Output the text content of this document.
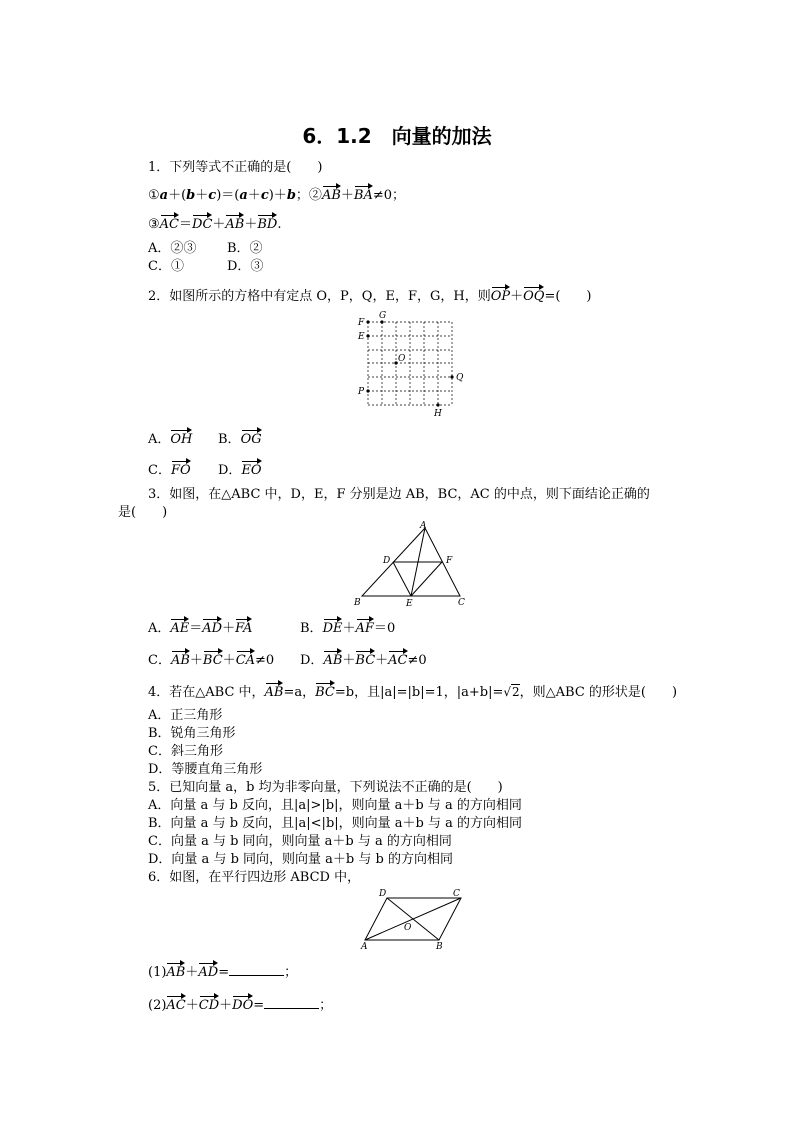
6．1.2　向量的加法
1．下列等式不正确的是(　　)
①a＋(b＋c)＝(a＋c)＋b；②AB＋BA≠0；
③AC＝DC＋AB＋BD.
A．②③ B．②
C．①	D．③
2．如图所示的方格中有定点 O，P，Q，E，F，G，H，则OP＋OQ=(　　)
F
G
E
O
Q
P
H
A．OH B．OG
C．FO D．EO
3．如图，在△ABC 中，D，E，F 分别是边 AB，BC，AC 的中点，则下面结论正确的
是(　　)
A
B	C
D
E
F
A．AE＝AD＋FA	B．DE＋AF＝0
C．AB＋BC＋CA≠0 D．AB＋BC＋AC≠0
4．若在△ABC 中，AB=a，BC=b，且|a|=|b|=1，|a+b|=√2，则△ABC 的形状是(　　)
A．正三角形
B．锐角三角形
C．斜三角形
D．等腰直角三角形
5．已知向量 a，b 均为非零向量，下列说法不正确的是(　　)
A．向量 a 与 b 反向，且|a|>|b|，则向量 a＋b 与 a 的方向相同
B．向量 a 与 b 反向，且|a|<|b|，则向量 a＋b 与 a 的方向相同
C．向量 a 与 b 同向，则向量 a＋b 与 a 的方向相同
D．向量 a 与 b 同向，则向量 a＋b 与 b 的方向相同
6．如图，在平行四边形 ABCD 中，
A	B
C
D
O
(1)AB＋AD=	；
(2)AC＋CD＋DO=	；
